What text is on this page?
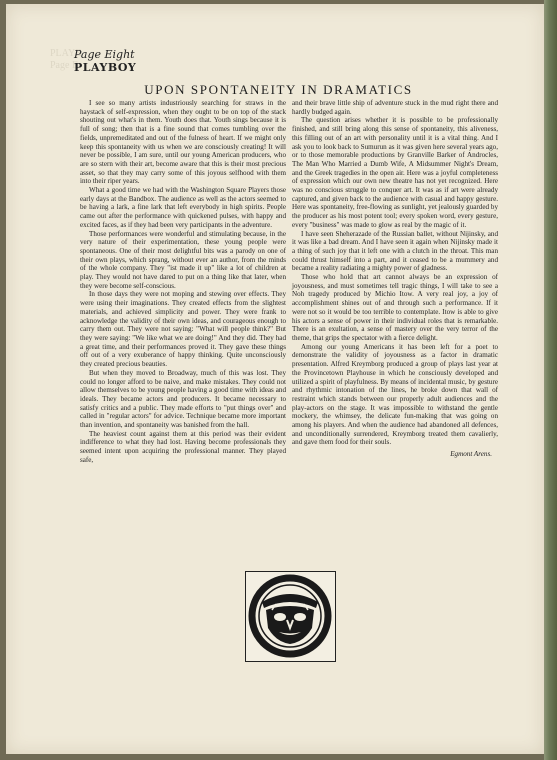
PLAYB
Page E
Page Eight
PLAYBOY
UPON SPONTANEITY IN DRAMATICS

I see so many artists industriously searching for straws in the haystack of self-expression, when they ought to be on top of the stack shouting out what's in them. Youth does that. Youth sings because it is full of song; then that is a fine sound that comes tumbling over the fields, unpremeditated and out of the fulness of heart. If we might only keep this spontaneity with us when we are consciously creating! It will never be possible, I am sure, until our young American producers, who are so stern with their art, become aware that this is their most precious asset, so that they may carry some of this joyous selfhood with them into their riper years.

What a good time we had with the Washington Square Players those early days at the Bandbox. The audience as well as the actors seemed to be having a lark, a fine lark that left everybody in high spirits. People came out after the performance with quickened pulses, with happy and excited faces, as if they had been very participants in the adventure.

Those performances were wonderful and stimulating because, in the very nature of their experimentation, these young people were spontaneous. One of their most delightful bits was a parody on one of their own plays, which sprang, without ever an author, from the minds of the whole company. They "ist made it up" like a lot of children at play. They would not have dared to put on a thing like that later, when they were become self-conscious.

In those days they were not moping and stewing over effects. They were using their imaginations. They created effects from the slightest materials, and achieved simplicity and power. They were frank to acknowledge the validity of their own ideas, and courageous enough to carry them out. They were not saying: "What will people think?" But they were saying: "We like what we are doing!" And they did. They had a great time, and their performances proved it. They gave these things off out of a very exuberance of happy thinking. Quite unconsciously they created precious beauties.

But when they moved to Broadway, much of this was lost. They could no longer afford to be naive, and make mistakes. They could not allow themselves to be young people having a good time with ideas and ideals. They became actors and producers. It became necessary to satisfy critics and a public. They made efforts to "put things over" and called in "regular actors" for advice. Technique became more important than invention, and spontaneity was banished from the hall.

The heaviest count against them at this period was their evident indifference to what they had lost. Having become professionals they seemed intent upon acquiring the professional manner. They played safe,

and their brave little ship of adventure stuck in the mud right there and hardly budged again.

The question arises whether it is possible to be professionally finished, and still bring along this sense of spontaneity, this aliveness, this filling out of an art with personality until it is a vital thing. And I ask you to look back to Sumurun as it was given here several years ago, or to those memorable productions by Granville Barker of Androcles, The Man Who Married a Dumb Wife, A Midsummer Night's Dream, and the Greek tragedies in the open air. Here was a joyful completeness of expression which our own new theatre has not yet recognized. Here was no conscious struggle to conquer art. It was as if art were already captured, and given back to the audience with casual and happy gesture. Here was spontaneity, free-flowing as sunlight, yet jealously guarded by the producer as his most potent tool; every spoken word, every gesture, every "business" was made to glow as real by the magic of it.

I have seen Sheherazade of the Russian ballet, without Nijinsky, and it was like a bad dream. And I have seen it again when Nijinsky made it a thing of such joy that it left one with a clutch in the throat. This man could thrust himself into a part, and it ceased to be a mummery and became a reality radiating a mighty power of gladness.

Those who hold that art cannot always be an expression of joyousness, and must sometimes tell tragic things, I will take to see a Noh tragedy produced by Michio Itow. A very real joy, a joy of accomplishment shines out of and through such a performance. If it were not so it would be too terrible to contemplate. Itow is able to give his actors a sense of power in their individual roles that is remarkable. There is an exultation, a sense of mastery over the very terror of the theme, that grips the spectator with a fierce delight.

Among our young Americans it has been left for a poet to demonstrate the validity of joyousness as a factor in dramatic presentation. Alfred Kreymborg produced a group of plays last year at the Provincetown Playhouse in which he consciously developed and utilized a spirit of playfulness. By means of incidental music, by gesture and rhythmic intonation of the lines, he broke down that wall of restraint which stands between our properly adult audiences and the play-actors on the stage. It was impossible to withstand the gentle mockery, the whimsey, the delicate fun-making that was going on among his players. And when the audience had abandoned all defences, and unconditionally surrendered, Kreymborg treated them cavalierly, and gave them food for their souls.

Egmont Arens.
